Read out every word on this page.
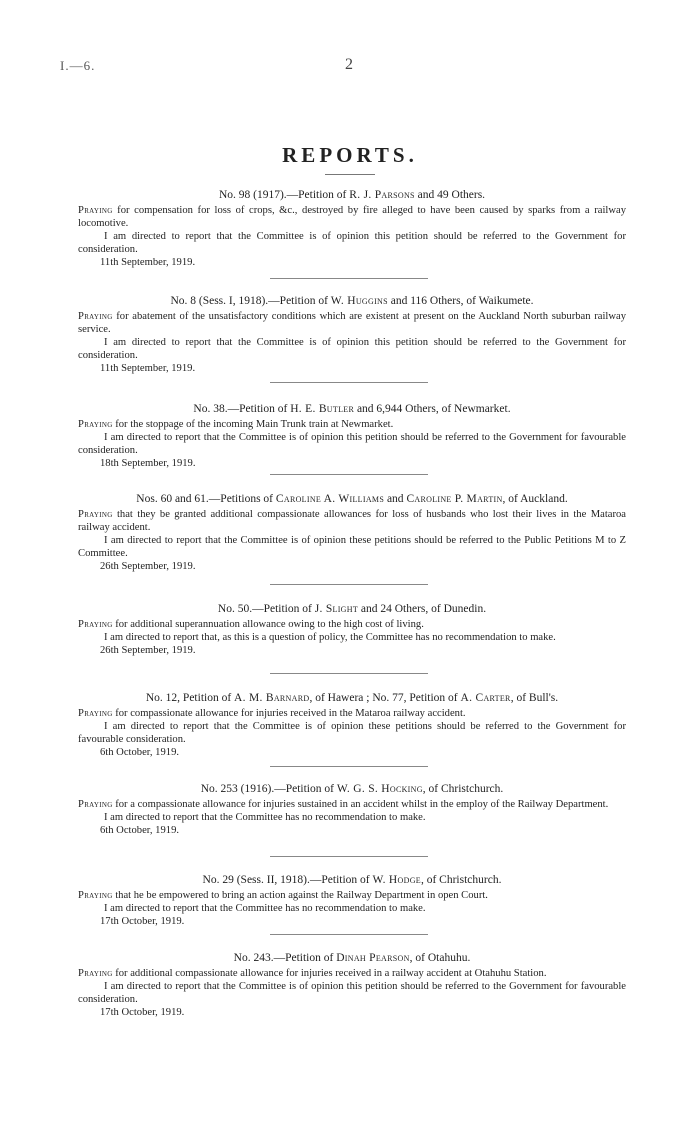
I.—6.	2
REPORTS.

No. 98 (1917).—Petition of R. J. Parsons and 49 Others.

Praying for compensation for loss of crops, &c., destroyed by fire alleged to have been caused by sparks from a railway locomotive.

I am directed to report that the Committee is of opinion this petition should be referred to the Government for consideration.

11th September, 1919.

No. 8 (Sess. I, 1918).—Petition of W. Huggins and 116 Others, of Waikumete.

Praying for abatement of the unsatisfactory conditions which are existent at present on the Auckland North suburban railway service.

I am directed to report that the Committee is of opinion this petition should be referred to the Government for consideration.

11th September, 1919.

No. 38.—Petition of H. E. Butler and 6,944 Others, of Newmarket.

Praying for the stoppage of the incoming Main Trunk train at Newmarket.

I am directed to report that the Committee is of opinion this petition should be referred to the Government for favourable consideration.

18th September, 1919.

Nos. 60 and 61.—Petitions of Caroline A. Williams and Caroline P. Martin, of Auckland.

Praying that they be granted additional compassionate allowances for loss of husbands who lost their lives in the Mataroa railway accident.

I am directed to report that the Committee is of opinion these petitions should be referred to the Public Petitions M to Z Committee.

26th September, 1919.

No. 50.—Petition of J. Slight and 24 Others, of Dunedin.

Praying for additional superannuation allowance owing to the high cost of living.

I am directed to report that, as this is a question of policy, the Committee has no recommendation to make.

26th September, 1919.

No. 12, Petition of A. M. Barnard, of Hawera ; No. 77, Petition of A. Carter, of Bull's.

Praying for compassionate allowance for injuries received in the Mataroa railway accident.

I am directed to report that the Committee is of opinion these petitions should be referred to the Government for favourable consideration.

6th October, 1919.

No. 253 (1916).—Petition of W. G. S. Hocking, of Christchurch.

Praying for a compassionate allowance for injuries sustained in an accident whilst in the employ of the Railway Department.

I am directed to report that the Committee has no recommendation to make.

6th October, 1919.

No. 29 (Sess. II, 1918).—Petition of W. Hodge, of Christchurch.

Praying that he be empowered to bring an action against the Railway Department in open Court.

I am directed to report that the Committee has no recommendation to make.

17th October, 1919.

No. 243.—Petition of Dinah Pearson, of Otahuhu.

Praying for additional compassionate allowance for injuries received in a railway accident at Otahuhu Station.

I am directed to report that the Committee is of opinion this petition should be referred to the Government for favourable consideration.

17th October, 1919.
